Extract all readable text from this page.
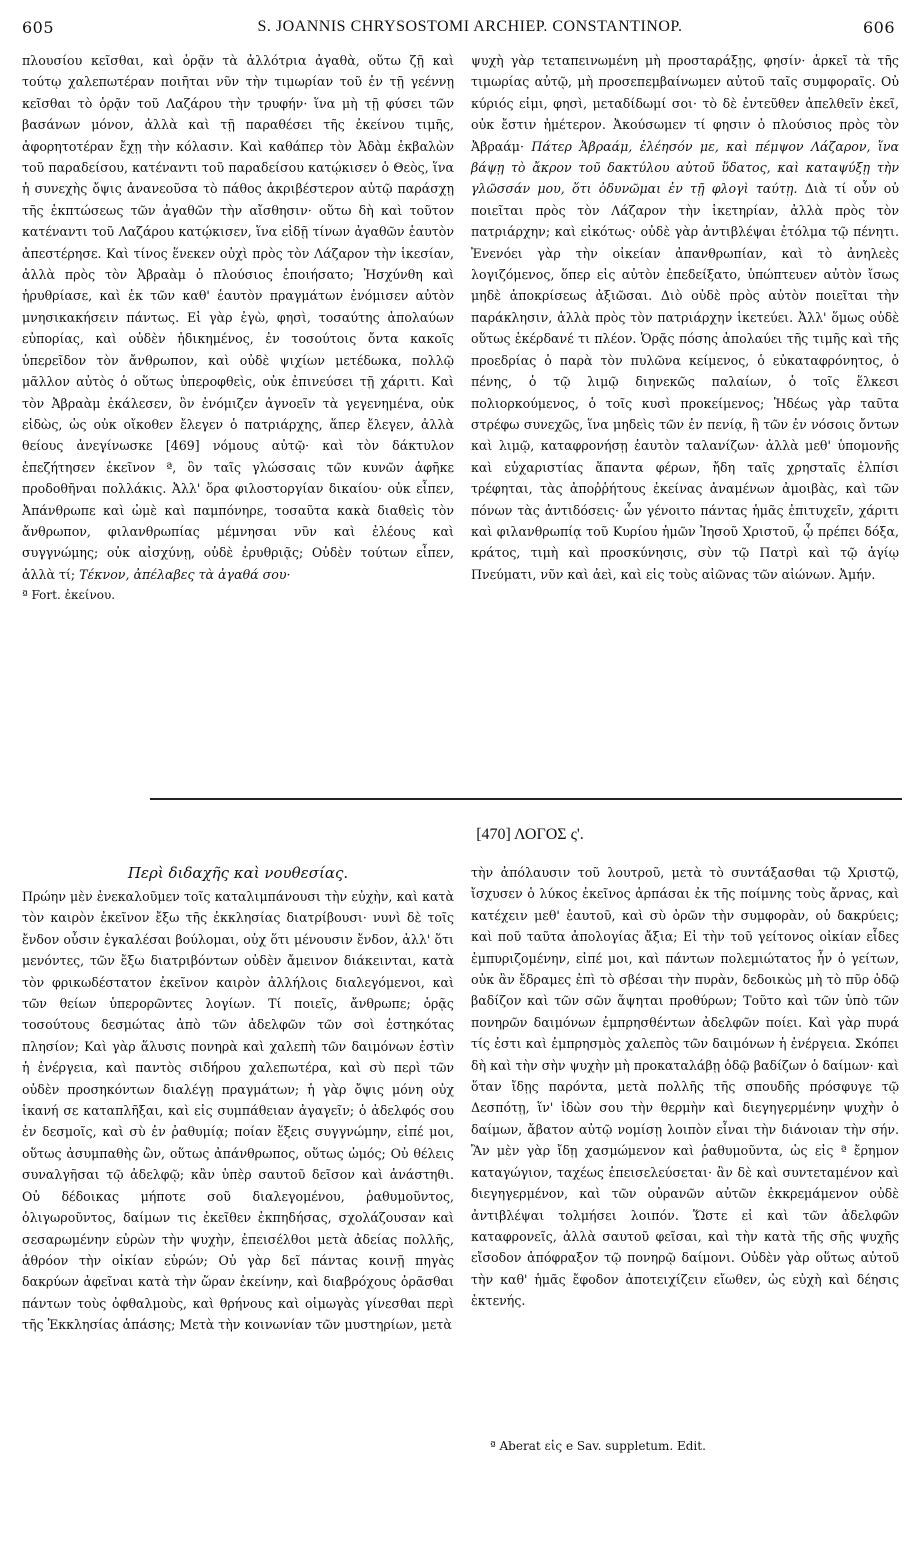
605	S. JOANNIS CHRYSOSTOMI ARCHIEP. CONSTANTINOP.	606

πλουσίου κεῖσθαι, καὶ ὁρᾷν τὰ ἀλλότρια ἀγαθὰ, οὕτω ζῇ καὶ τούτῳ χαλεπωτέραν ποιῆται νῦν τὴν τιμωρίαν τοῦ ἐν τῇ γεέννῃ κεῖσθαι τὸ ὁρᾷν τοῦ Λαζάρου τὴν τρυφήν· ἵνα μὴ τῇ φύσει τῶν βασάνων μόνον, ἀλλὰ καὶ τῇ παραθέσει τῆς ἐκείνου τιμῆς, ἀφορητοτέραν ἔχῃ τὴν κόλασιν. Καὶ καθάπερ τὸν Ἀδὰμ ἐκβαλὼν τοῦ παραδείσου, κατέναντι τοῦ παραδείσου κατῴκισεν ὁ Θεὸς, ἵνα ἡ συνεχὴς ὄψις ἀνανεοῦσα τὸ πάθος ἀκριβέστερον αὐτῷ παράσχῃ τῆς ἐκπτώσεως τῶν ἀγαθῶν τὴν αἴσθησιν· οὕτω δὴ καὶ τοῦτον κατέναντι τοῦ Λαζάρου κατῴκισεν, ἵνα εἰδῇ τίνων ἀγαθῶν ἑαυτὸν ἀπεστέρησε. Καὶ τίνος ἕνεκεν οὐχὶ πρὸς τὸν Λάζαρον τὴν ἱκεσίαν, ἀλλὰ πρὸς τὸν Ἀβραὰμ ὁ πλούσιος ἐποιήσατο; Ἠσχύνθη καὶ ἠρυθρίασε, καὶ ἐκ τῶν καθ' ἑαυτὸν πραγμάτων ἐνόμισεν αὐτὸν μνησικακήσειν πάντως. Εἰ γὰρ ἐγὼ, φησὶ, τοσαύτης ἀπολαύων εὐπορίας, καὶ οὐδὲν ἠδικημένος, ἐν τοσούτοις ὄντα κακοῖς ὑπερεῖδον τὸν ἄνθρωπον, καὶ οὐδὲ ψιχίων μετέδωκα, πολλῷ μᾶλλον αὐτὸς ὁ οὕτως ὑπεροφθεὶς, οὐκ ἐπινεύσει τῇ χάριτι. Καὶ τὸν Ἀβραὰμ ἐκάλεσεν, ὃν ἐνόμιζεν ἀγνοεῖν τὰ γεγενημένα, οὐκ εἰδὼς, ὡς οὐκ οἴκοθεν ἔλεγεν ὁ πατριάρχης, ἅπερ ἔλεγεν, ἀλλὰ θείους ἀνεγίνωσκε [469] νόμους αὐτῷ· καὶ τὸν δάκτυλον ἐπεζήτησεν ἐκεῖνον ª, ὃν ταῖς γλώσσαις τῶν κυνῶν ἀφῆκε προδοθῆναι πολλάκις. Ἀλλ' ὅρα φιλοστοργίαν δικαίου· οὐκ εἶπεν, Ἀπάνθρωπε καὶ ὠμὲ καὶ παμπόνηρε, τοσαῦτα κακὰ διαθεὶς τὸν ἄνθρωπον, φιλανθρωπίας μέμνησαι νῦν καὶ ἐλέους καὶ συγγνώμης; οὐκ αἰσχύνῃ, οὐδὲ ἐρυθριᾷς; Οὐδὲν τούτων εἶπεν, ἀλλὰ τί; Τέκνον, ἀπέλαβες τὰ ἀγαθά σου·

ª Fort. ἐκείνου.

ψυχὴ γὰρ τεταπεινωμένη μὴ προσταράξῃς, φησίν· ἀρκεῖ τὰ τῆς τιμωρίας αὐτῷ, μὴ προσεπεμβαίνωμεν αὐτοῦ ταῖς συμφοραῖς. Οὐ κύριός εἰμι, φησὶ, μεταδίδωμί σοι· τὸ δὲ ἐντεῦθεν ἀπελθεῖν ἐκεῖ, οὐκ ἔστιν ἡμέτερον. Ἀκούσωμεν τί φησιν ὁ πλούσιος πρὸς τὸν Ἀβραάμ· Πάτερ Ἀβραάμ, ἐλέησόν με, καὶ πέμψον Λάζαρον, ἵνα βάψῃ τὸ ἄκρον τοῦ δακτύλου αὐτοῦ ὕδατος, καὶ καταψύξῃ τὴν γλῶσσάν μου, ὅτι ὀδυνῶμαι ἐν τῇ φλογὶ ταύτῃ. Διὰ τί οὖν οὐ ποιεῖται πρὸς τὸν Λάζαρον τὴν ἱκετηρίαν, ἀλλὰ πρὸς τὸν πατριάρχην; καὶ εἰκότως· οὐδὲ γὰρ ἀντιβλέψαι ἐτόλμα τῷ πένητι. Ἐνενόει γὰρ τὴν οἰκείαν ἀπανθρωπίαν, καὶ τὸ ἀνηλεὲς λογιζόμενος, ὅπερ εἰς αὐτὸν ἐπεδείξατο, ὑπώπτευεν αὐτὸν ἴσως μηδὲ ἀποκρίσεως ἀξιῶσαι. Διὸ οὐδὲ πρὸς αὐτὸν ποιεῖται τὴν παράκλησιν, ἀλλὰ πρὸς τὸν πατριάρχην ἱκετεύει. Ἀλλ' ὅμως οὐδὲ οὕτως ἐκέρδανέ τι πλέον. Ὁρᾷς πόσης ἀπολαύει τῆς τιμῆς καὶ τῆς προεδρίας ὁ παρὰ τὸν πυλῶνα κείμενος, ὁ εὐκαταφρόνητος, ὁ πένης, ὁ τῷ λιμῷ διηνεκῶς παλαίων, ὁ τοῖς ἕλκεσι πολιορκούμενος, ὁ τοῖς κυσὶ προκείμενος; Ἡδέως γὰρ ταῦτα στρέφω συνεχῶς, ἵνα μηδεὶς τῶν ἐν πενίᾳ, ἢ τῶν ἐν νόσοις ὄντων καὶ λιμῷ, καταφρονήσῃ ἑαυτὸν ταλανίζων· ἀλλὰ μεθ' ὑπομονῆς καὶ εὐχαριστίας ἅπαντα φέρων, ἤδη ταῖς χρησταῖς ἐλπίσι τρέφηται, τὰς ἀποῤῥήτους ἐκείνας ἀναμένων ἀμοιβὰς, καὶ τῶν πόνων τὰς ἀντιδόσεις· ὧν γένοιτο πάντας ἡμᾶς ἐπιτυχεῖν, χάριτι καὶ φιλανθρωπίᾳ τοῦ Κυρίου ἡμῶν Ἰησοῦ Χριστοῦ, ᾧ πρέπει δόξα, κράτος, τιμὴ καὶ προσκύνησις, σὺν τῷ Πατρὶ καὶ τῷ ἁγίῳ Πνεύματι, νῦν καὶ ἀεὶ, καὶ εἰς τοὺς αἰῶνας τῶν αἰώνων. Ἀμήν.

[470] ΛΟΓΟΣ ς'.
Περὶ διδαχῆς καὶ νουθεσίας.

Πρώην μὲν ἐνεκαλοῦμεν τοῖς καταλιμπάνουσι τὴν εὐχὴν, καὶ κατὰ τὸν καιρὸν ἐκεῖνον ἔξω τῆς ἐκκλησίας διατρίβουσι· νυνὶ δὲ τοῖς ἔνδον οὖσιν ἐγκαλέσαι βούλομαι, οὐχ ὅτι μένουσιν ἔνδον, ἀλλ' ὅτι μενόντες, τῶν ἔξω διατριβόντων οὐδὲν ἄμεινον διάκεινται, κατὰ τὸν φρικωδέστατον ἐκεῖνον καιρὸν ἀλλήλοις διαλεγόμενοι, καὶ τῶν θείων ὑπερορῶντες λογίων. Τί ποιεῖς, ἄνθρωπε; ὁρᾷς τοσούτους δεσμώτας ἀπὸ τῶν ἀδελφῶν τῶν σοὶ ἑστηκότας πλησίον; Καὶ γὰρ ἅλυσις πονηρὰ καὶ χαλεπὴ τῶν δαιμόνων ἐστὶν ἡ ἐνέργεια, καὶ παντὸς σιδήρου χαλεπωτέρα, καὶ σὺ περὶ τῶν οὐδὲν προσηκόντων διαλέγῃ πραγμάτων; ἡ γὰρ ὄψις μόνη οὐχ ἱκανή σε καταπλῆξαι, καὶ εἰς συμπάθειαν ἀγαγεῖν; ὁ ἀδελφός σου ἐν δεσμοῖς, καὶ σὺ ἐν ῥαθυμίᾳ; ποίαν ἕξεις συγγνώμην, εἰπέ μοι, οὕτως ἀσυμπαθὴς ὢν, οὕτως ἀπάνθρωπος, οὕτως ὠμός; Οὐ θέλεις συναλγῆσαι τῷ ἀδελφῷ; κἂν ὑπὲρ σαυτοῦ δεῖσον καὶ ἀνάστηθι. Οὐ δέδοικας μήποτε σοῦ διαλεγομένου, ῥαθυμοῦντος, ὀλιγωροῦντος, δαίμων τις ἐκεῖθεν ἐκπηδήσας, σχολάζουσαν καὶ σεσαρωμένην εὑρὼν τὴν ψυχὴν, ἐπεισέλθοι μετὰ ἀδείας πολλῆς, ἀθρόον τὴν οἰκίαν εὑρών; Οὐ γὰρ δεῖ πάντας κοινῇ πηγὰς δακρύων ἀφεῖναι κατὰ τὴν ὥραν ἐκείνην, καὶ διαβρόχους ὁρᾶσθαι πάντων τοὺς ὀφθαλμοὺς, καὶ θρήνους καὶ οἰμωγὰς γίνεσθαι περὶ τῆς Ἐκκλησίας ἁπάσης; Μετὰ τὴν κοινωνίαν τῶν μυστηρίων, μετὰ

τὴν ἀπόλαυσιν τοῦ λουτροῦ, μετὰ τὸ συντάξασθαι τῷ Χριστῷ, ἴσχυσεν ὁ λύκος ἐκεῖνος ἁρπάσαι ἐκ τῆς ποίμνης τοὺς ἄρνας, καὶ κατέχειν μεθ' ἑαυτοῦ, καὶ σὺ ὁρῶν τὴν συμφορὰν, οὐ δακρύεις; καὶ ποῦ ταῦτα ἀπολογίας ἄξια; Εἰ τὴν τοῦ γείτονος οἰκίαν εἶδες ἐμπυριζομένην, εἰπέ μοι, καὶ πάντων πολεμιώτατος ἦν ὁ γείτων, οὐκ ἂν ἔδραμες ἐπὶ τὸ σβέσαι τὴν πυρὰν, δεδοικὼς μὴ τὸ πῦρ ὁδῷ βαδίζον καὶ τῶν σῶν ἅψηται προθύρων; Τοῦτο καὶ τῶν ὑπὸ τῶν πονηρῶν δαιμόνων ἐμπρησθέντων ἀδελφῶν ποίει. Καὶ γὰρ πυρά τίς ἐστι καὶ ἐμπρησμὸς χαλεπὸς τῶν δαιμόνων ἡ ἐνέργεια. Σκόπει δὴ καὶ τὴν σὴν ψυχὴν μὴ προκαταλάβῃ ὁδῷ βαδίζων ὁ δαίμων· καὶ ὅταν ἴδῃς παρόντα, μετὰ πολλῆς τῆς σπουδῆς πρόσφυγε τῷ Δεσπότῃ, ἵν' ἰδὼν σου τὴν θερμὴν καὶ διεγηγερμένην ψυχὴν ὁ δαίμων, ἄβατον αὐτῷ νομίσῃ λοιπὸν εἶναι τὴν διάνοιαν τὴν σήν. Ἂν μὲν γὰρ ἴδῃ χασμώμενον καὶ ῥαθυμοῦντα, ὡς εἰς ª ἔρημον καταγώγιον, ταχέως ἐπεισελεύσεται· ἂν δὲ καὶ συντεταμένον καὶ διεγηγερμένον, καὶ τῶν οὐρανῶν αὐτῶν ἐκκρεμάμενον οὐδὲ ἀντιβλέψαι τολμήσει λοιπόν. Ὥστε εἰ καὶ τῶν ἀδελφῶν καταφρονεῖς, ἀλλὰ σαυτοῦ φεῖσαι, καὶ τὴν κατὰ τῆς σῆς ψυχῆς εἴσοδον ἀπόφραξον τῷ πονηρῷ δαίμονι. Οὐδὲν γὰρ οὕτως αὐτοῦ τὴν καθ' ἡμᾶς ἔφοδον ἀποτειχίζειν εἴωθεν, ὡς εὐχὴ καὶ δέησις ἐκτενής.

ª Aberat εἰς e Sav. suppletum. Edit.
